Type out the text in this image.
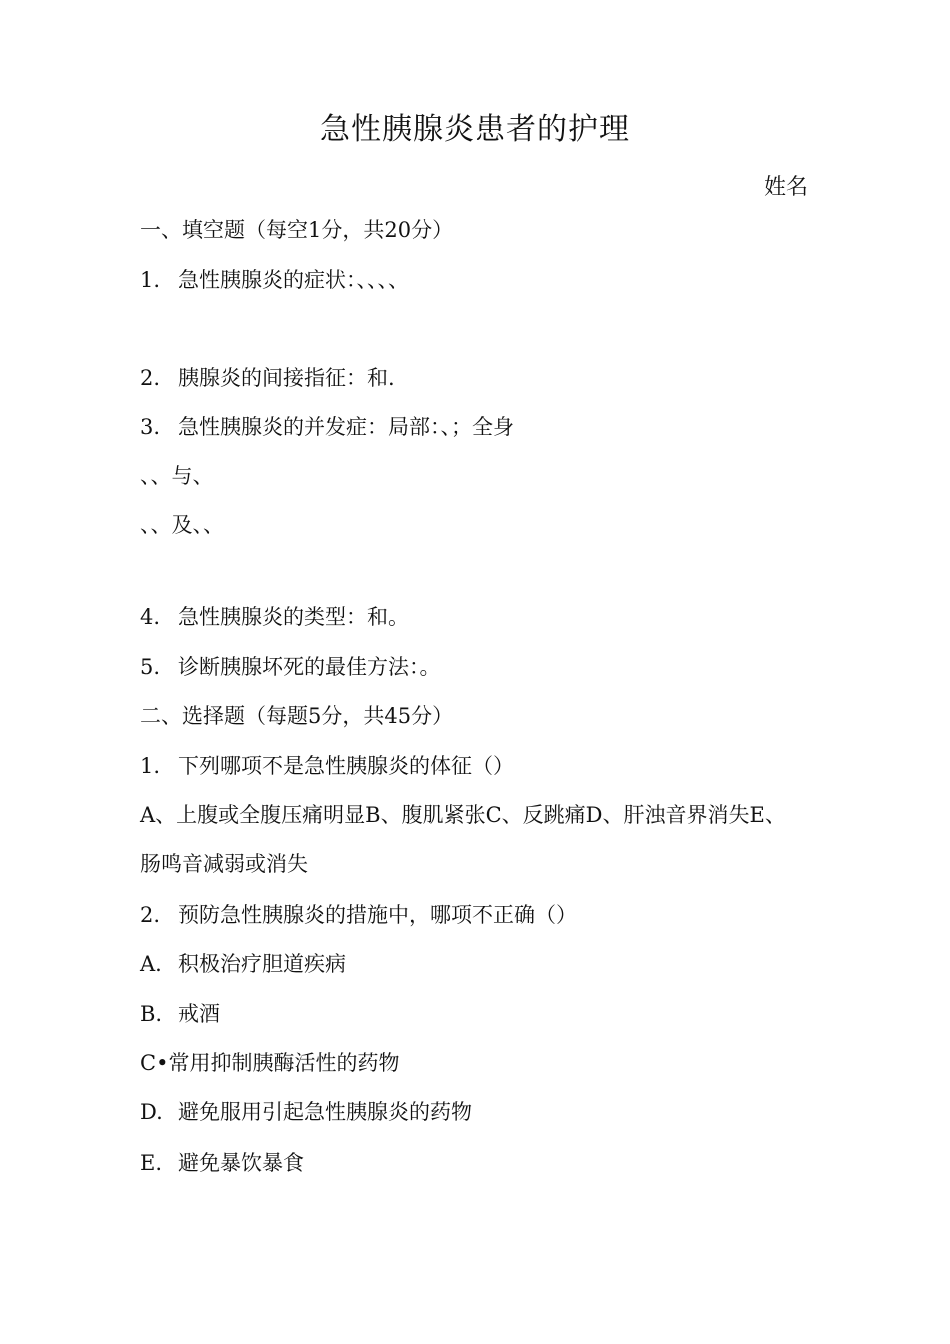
急性胰腺炎患者的护理
姓名
一、填空题（每空1分，共20分）
1. 急性胰腺炎的症状：、、、、
2. 胰腺炎的间接指征：和.
3. 急性胰腺炎的并发症：局部：、；全身
、、与、
、、及、、
4. 急性胰腺炎的类型：和。
5. 诊断胰腺坏死的最佳方法：。
二、选择题（每题5分，共45分）
1. 下列哪项不是急性胰腺炎的体征（）
A、上腹或全腹压痛明显B、腹肌紧张C、反跳痛D、肝浊音界消失E、
肠鸣音减弱或消失
2. 预防急性胰腺炎的措施中，哪项不正确（）
A. 积极治疗胆道疾病
B. 戒酒
C•常用抑制胰酶活性的药物
D. 避免服用引起急性胰腺炎的药物
E. 避免暴饮暴食
